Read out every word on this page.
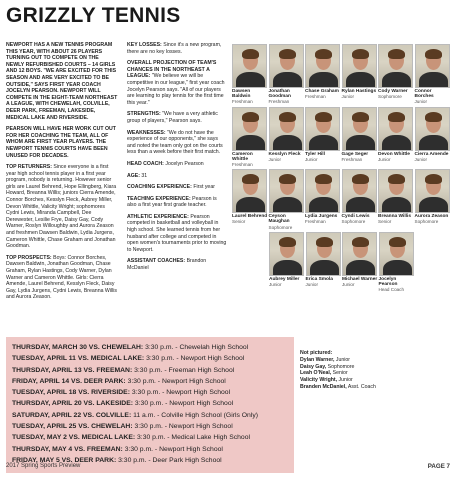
GRIZZLY TENNIS

NEWPORT HAS A NEW TENNIS PROGRAM THIS YEAR, WITH ABOUT 26 PLAYERS TURNING OUT TO COMPETE ON THE NEWLY REFURBISHED COURTS – 14 GIRLS AND 12 BOYS. "WE ARE EXCITED FOR THIS SEASON AND ARE VERY EXCITED TO BE OUTSIDE," SAYS FIRST YEAR COACH JOCELYN PEARSON. NEWPORT WILL COMPETE IN THE EIGHT-TEAM NORTHEAST A LEAGUE, WITH CHEWELAH, COLVILLE, DEER PARK, FREEMAN, LAKESIDE, MEDICAL LAKE AND RIVERSIDE.

PEARSON WILL HAVE HER WORK CUT OUT FOR HER COACHING THE TEAM, ALL OF WHOM ARE FIRST YEAR PLAYERS. THE NEWPORT TENNIS COURTS HAVE BEEN UNUSED FOR DECADES.

TOP RETURNERS: Since everyone is a first year high school tennis player in a first year program, nobody is returning. However senior girls are Laurel Behrend, Hope Ellingberg, Kiara Howard, Breanna Willis; juniors Cierra Amende, Connor Borches, Kesslyn Fleck, Aubrey Miller, Devon Whittle, Valicity Wright; sophomores Cydni Lewis, Miranda Campbell, Dee Derewester, Lesilie Frye, Daisy Gay, Cody Warner, Roslyn Willoughby and Aurora Zeason and freshmen Dawsen Baldwin, Lydia Jurgens, Cameron Whittle, Chase Graham and Jonathan Goodman.

TOP PROSPECTS: Boys: Connor Borches, Dawsen Baldwin, Jonathan Goodman, Chase Graham, Rylan Hastings, Cody Warner, Dylan Warner and Cameron Whittle. Girls: Cierra Amende, Laurel Behrend, Kesslyn Fleck, Daisy Gay, Lydia Jurgens, Cydni Lewis, Breanna Willis and Aurora Zeason.

KEY LOSSES: Since it's a new program, there are no key losses.

OVERALL PROJECTION OF TEAM'S CHANCES IN THE NORTHEAST A LEAGUE: "We believe we will be competitive in our league," first year coach Jocelyn Pearson says. "All of our players are learning to play tennis for the first time this year."

STRENGTHS: "We have a very athletic group of players," Pearson says.

WEAKNESSES: "We do not have the experience of our opponents," she says and noted the team only got on the courts less than a week before their first match.

HEAD COACH: Jocelyn Pearson

AGE: 31

COACHING EXPERIENCE: First year

TEACHING EXPERIENCE: Pearson is also a first year first grade teacher.

ATHLETIC EXPERIENCE: Pearson competed in basketball and volleyball in high school. She learned tennis from her husband after college and competed in open women's tournaments prior to moving to Newport.

ASSISTANT COACHES: Brandon McDaniel

Dawsen Baldwin
Freshman
Jonathan Goodman
Freshman
Chase Graham
Freshman
Rylan Hastings
Junior
Cody Warner
Sophomore
Connor Borches
Junior
Cameron Whittle
Freshman
Kesslyn Fleck
Junior
Tyler Hill
Junior
Gage Seger
Freshman
Devon Whittle
Junior
Cierra Amende
Junior
Laurel Behrend
Senior
Ceyson Maughan
Sophomore
Lydia Jurgens
Freshman
Cyndi Lewis
Sophomore
Breanna Willis
Senior
Aurora Zeason
Sophomore
Aubrey Miller
Junior
Erica Smola
Junior
Michael Warner
Junior
Jocelyn Pearson
Head Coach
THURSDAY, MARCH 30 VS. CHEWELAH: 3:30 p.m. - Chewelah High School
TUESDAY, APRIL 11 VS. MEDICAL LAKE: 3:30 p.m. - Newport High School
THURSDAY, APRIL 13 VS. FREEMAN: 3:30 p.m. - Freeman High School
FRIDAY, APRIL 14 VS. DEER PARK: 3:30 p.m. - Newport High School
TUESDAY, APRIL 18 VS. RIVERSIDE: 3:30 p.m. - Newport High School
THURSDAY, APRIL 20 VS. LAKESIDE: 3:30 p.m. - Newport High School
SATURDAY, APRIL 22 VS. COLVILLE: 11 a.m. - Colville High School (Girls Only)
TUESDAY, APRIL 25 VS. CHEWELAH: 3:30 p.m. - Newport High School
TUESDAY, MAY 2 VS. MEDICAL LAKE: 3:30 p.m. - Medical Lake High School
THURSDAY, MAY 4 VS. FREEMAN: 3:30 p.m. - Newport High School
FRIDAY, MAY 5 VS. DEER PARK: 3:30 p.m. - Deer Park High School
Not pictured:
Dylan Warner, Junior
Daisy Gay, Sophomore
Leah O'Neal, Senior
Valicity Wright, Junior
Branden McDaniel, Asst. Coach
2017 Spring Sports Preview	PAGE 7
